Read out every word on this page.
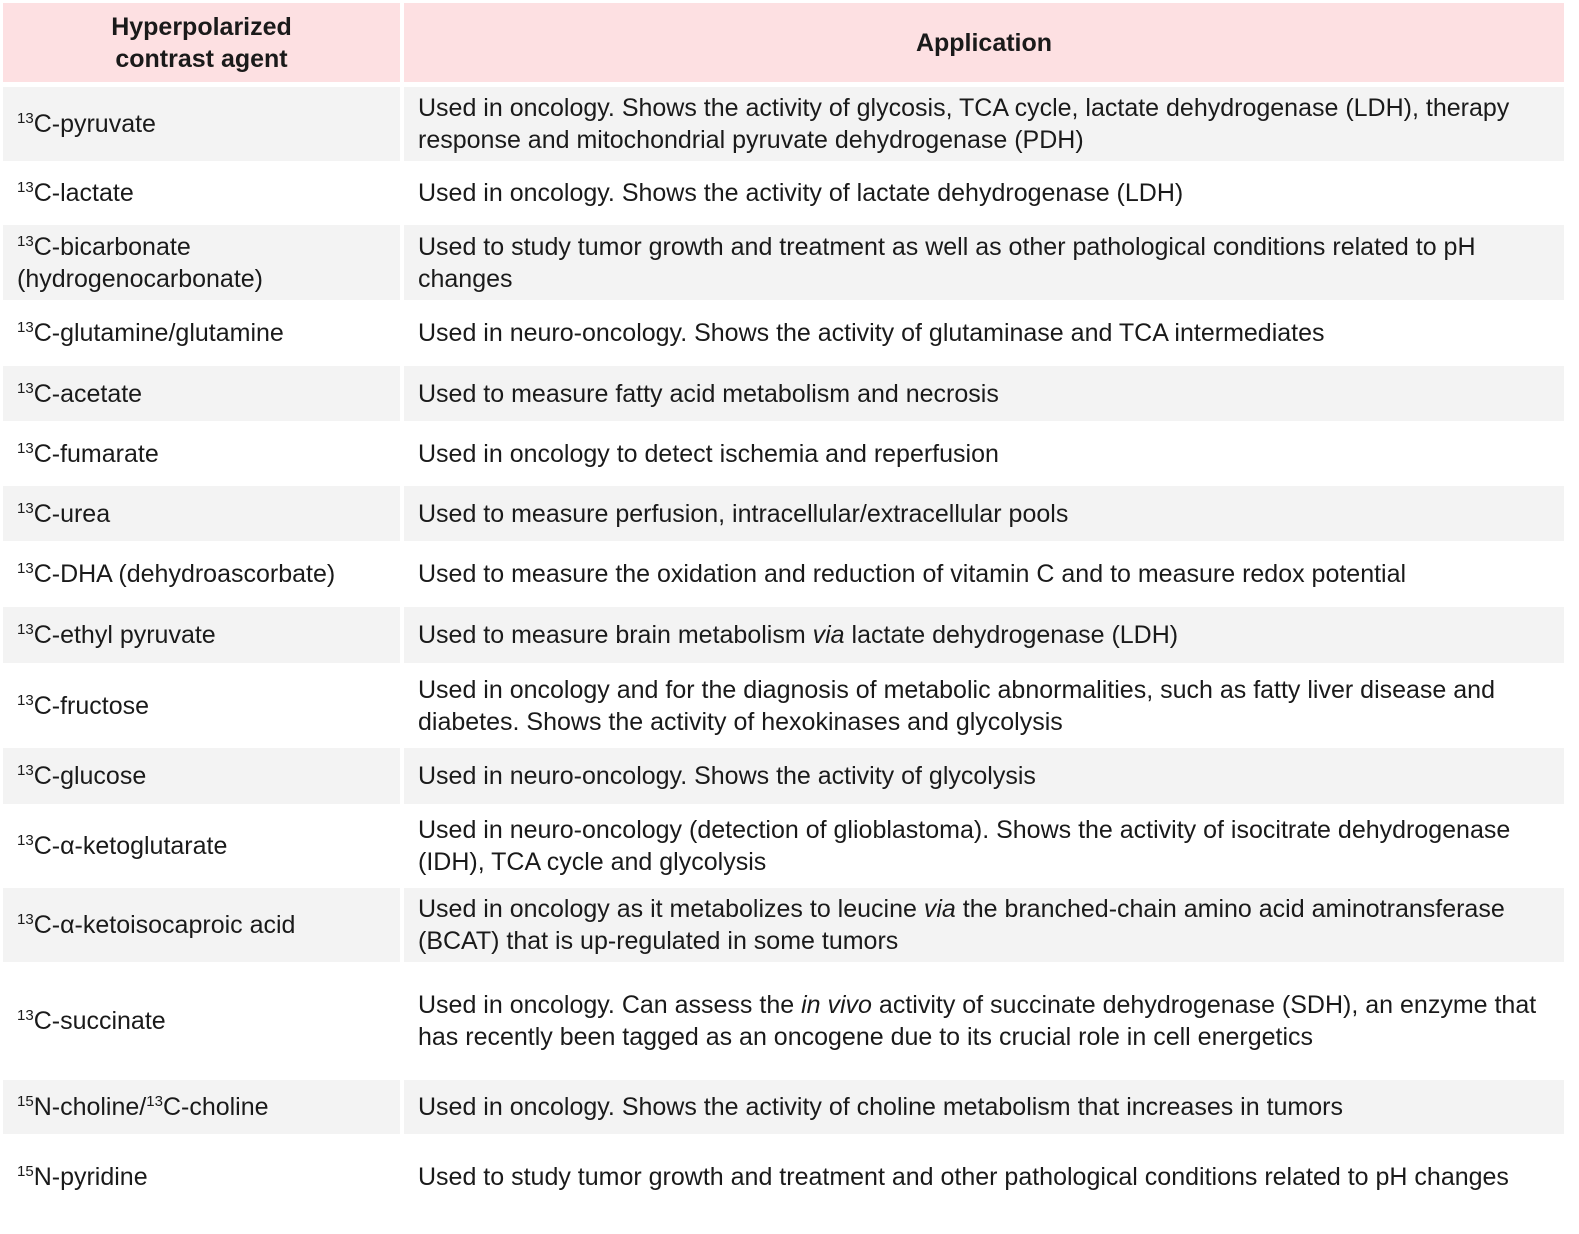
Hyperpolarized contrast agent	Application
$^{13}$C-pyruvate	Used in oncology. Shows the activity of glycosis, TCA cycle, lactate dehydrogenase (LDH), therapy response and mitochondrial pyruvate dehydrogenase (PDH)
$^{13}$C-lactate	Used in oncology. Shows the activity of lactate dehydrogenase (LDH)
$^{13}$C-bicarbonate (hydrogenocarbonate)	Used to study tumor growth and treatment as well as other pathological conditions related to pH changes
$^{13}$C-glutamine/glutamine	Used in neuro-oncology. Shows the activity of glutaminase and TCA intermediates
$^{13}$C-acetate	Used to measure fatty acid metabolism and necrosis
$^{13}$C-fumarate	Used in oncology to detect ischemia and reperfusion
$^{13}$C-urea	Used to measure perfusion, intracellular/extracellular pools
$^{13}$C-DHA (dehydroascorbate)	Used to measure the oxidation and reduction of vitamin C and to measure redox potential
$^{13}$C-ethyl pyruvate	Used to measure brain metabolism via lactate dehydrogenase (LDH)
$^{13}$C-fructose	Used in oncology and for the diagnosis of metabolic abnormalities, such as fatty liver disease and diabetes. Shows the activity of hexokinases and glycolysis
$^{13}$C-glucose	Used in neuro-oncology. Shows the activity of glycolysis
$^{13}$C-α-ketoglutarate	Used in neuro-oncology (detection of glioblastoma). Shows the activity of isocitrate dehydrogenase (IDH), TCA cycle and glycolysis
$^{13}$C-α-ketoisocaproic acid	Used in oncology as it metabolizes to leucine via the branched-chain amino acid aminotransferase (BCAT) that is up-regulated in some tumors
$^{13}$C-succinate	Used in oncology. Can assess the in vivo activity of succinate dehydrogenase (SDH), an enzyme that has recently been tagged as an oncogene due to its crucial role in cell energetics
$^{15}$N-choline/$^{13}$C-choline	Used in oncology. Shows the activity of choline metabolism that increases in tumors
$^{15}$N-pyridine	Used to study tumor growth and treatment and other pathological conditions related to pH changes
